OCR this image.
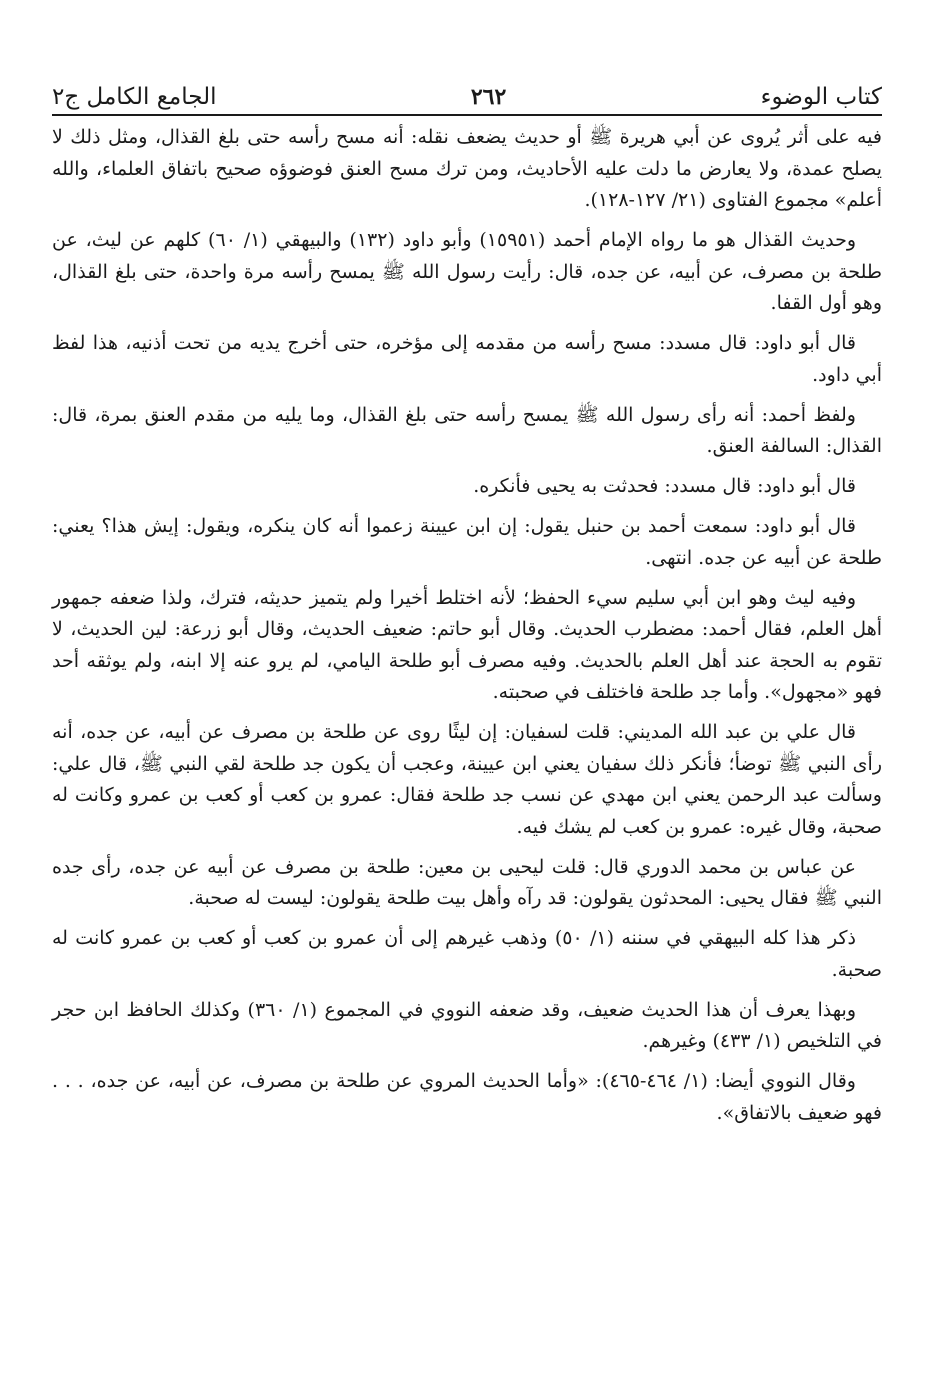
كتاب الوضوء
٢٦٢
الجامع الكامل ج٢

فيه على أثر يُروى عن أبي هريرة ﷺ أو حديث يضعف نقله: أنه مسح رأسه حتى بلغ القذال، ومثل ذلك لا يصلح عمدة، ولا يعارض ما دلت عليه الأحاديث، ومن ترك مسح العنق فوضوؤه صحيح باتفاق العلماء، والله أعلم» مجموع الفتاوى (٢١/ ١٢٧-١٢٨).

وحديث القذال هو ما رواه الإمام أحمد (١٥٩٥١) وأبو داود (١٣٢) والبيهقي (١/ ٦٠) كلهم عن ليث، عن طلحة بن مصرف، عن أبيه، عن جده، قال: رأيت رسول الله ﷺ يمسح رأسه مرة واحدة، حتى بلغ القذال، وهو أول القفا.

قال أبو داود: قال مسدد: مسح رأسه من مقدمه إلى مؤخره، حتى أخرج يديه من تحت أذنيه، هذا لفظ أبي داود.

ولفظ أحمد: أنه رأى رسول الله ﷺ يمسح رأسه حتى بلغ القذال، وما يليه من مقدم العنق بمرة، قال: القذال: السالفة العنق.

قال أبو داود: قال مسدد: فحدثت به يحيى فأنكره.

قال أبو داود: سمعت أحمد بن حنبل يقول: إن ابن عيينة زعموا أنه كان ينكره، ويقول: إيش هذا؟ يعني: طلحة عن أبيه عن جده. انتهى.

وفيه ليث وهو ابن أبي سليم سيء الحفظ؛ لأنه اختلط أخيرا ولم يتميز حديثه، فترك، ولذا ضعفه جمهور أهل العلم، فقال أحمد: مضطرب الحديث. وقال أبو حاتم: ضعيف الحديث، وقال أبو زرعة: لين الحديث، لا تقوم به الحجة عند أهل العلم بالحديث. وفيه مصرف أبو طلحة اليامي، لم يرو عنه إلا ابنه، ولم يوثقه أحد فهو «مجهول». وأما جد طلحة فاختلف في صحبته.

قال علي بن عبد الله المديني: قلت لسفيان: إن ليثًا روى عن طلحة بن مصرف عن أبيه، عن جده، أنه رأى النبي ﷺ توضأ؛ فأنكر ذلك سفيان يعني ابن عيينة، وعجب أن يكون جد طلحة لقي النبي ﷺ، قال علي: وسألت عبد الرحمن يعني ابن مهدي عن نسب جد طلحة فقال: عمرو بن كعب أو كعب بن عمرو وكانت له صحبة، وقال غيره: عمرو بن كعب لم يشك فيه.

عن عباس بن محمد الدوري قال: قلت ليحيى بن معين: طلحة بن مصرف عن أبيه عن جده، رأى جده النبي ﷺ فقال يحيى: المحدثون يقولون: قد رآه وأهل بيت طلحة يقولون: ليست له صحبة.

ذكر هذا كله البيهقي في سننه (١/ ٥٠) وذهب غيرهم إلى أن عمرو بن كعب أو كعب بن عمرو كانت له صحبة.

وبهذا يعرف أن هذا الحديث ضعيف، وقد ضعفه النووي في المجموع (١/ ٣٦٠) وكذلك الحافظ ابن حجر في التلخيص (١/ ٤٣٣) وغيرهم.

وقال النووي أيضا: (١/ ٤٦٤-٤٦٥): «وأما الحديث المروي عن طلحة بن مصرف، عن أبيه، عن جده، . . . فهو ضعيف بالاتفاق».
